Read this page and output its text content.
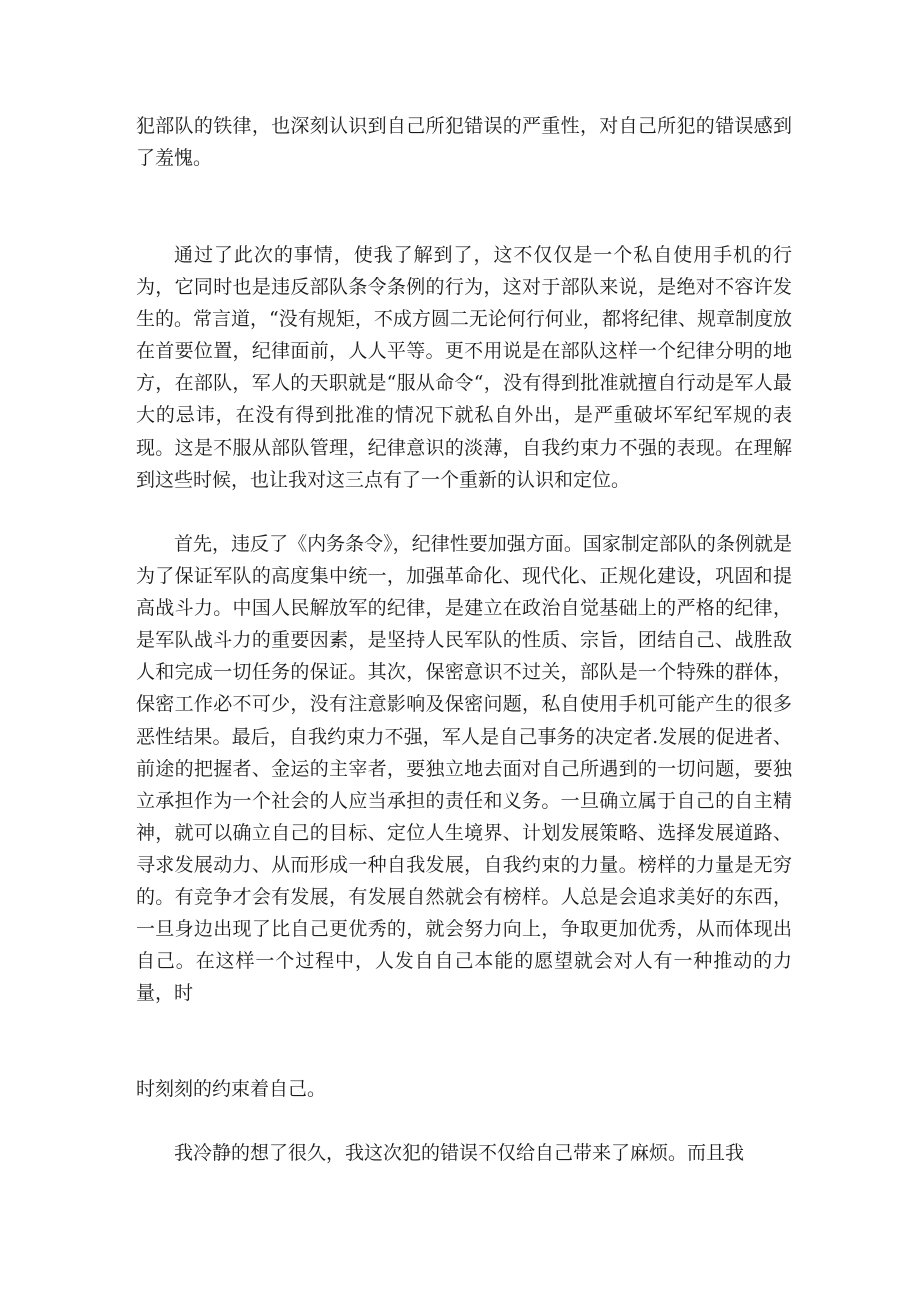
犯部队的铁律，也深刻认识到自己所犯错误的严重性，对自己所犯的错误感到了羞愧。

通过了此次的事情，使我了解到了，这不仅仅是一个私自使用手机的行为，它同时也是违反部队条令条例的行为，这对于部队来说，是绝对不容许发生的。常言道，“没有规矩，不成方圆二无论何行何业，都将纪律、规章制度放在首要位置，纪律面前，人人平等。更不用说是在部队这样一个纪律分明的地方，在部队，军人的天职就是“服从命令“，没有得到批准就擅自行动是军人最大的忌讳，在没有得到批准的情况下就私自外出，是严重破坏军纪军规的表现。这是不服从部队管理，纪律意识的淡薄，自我约束力不强的表现。在理解到这些时候，也让我对这三点有了一个重新的认识和定位。

首先，违反了《内务条令》，纪律性要加强方面。国家制定部队的条例就是为了保证军队的高度集中统一，加强革命化、现代化、正规化建设，巩固和提高战斗力。中国人民解放军的纪律，是建立在政治自觉基础上的严格的纪律，是军队战斗力的重要因素，是坚持人民军队的性质、宗旨，团结自己、战胜敌人和完成一切任务的保证。其次，保密意识不过关，部队是一个特殊的群体，保密工作必不可少，没有注意影响及保密问题，私自使用手机可能产生的很多恶性结果。最后，自我约束力不强，军人是自己事务的决定者.发展的促进者、前途的把握者、金运的主宰者，要独立地去面对自己所遇到的一切问题，要独立承担作为一个社会的人应当承担的责任和义务。一旦确立属于自己的自主精神，就可以确立自己的目标、定位人生境界、计划发展策略、选择发展道路、寻求发展动力、从而形成一种自我发展，自我约束的力量。榜样的力量是无穷的。有竞争才会有发展，有发展自然就会有榜样。人总是会追求美好的东西，一旦身边出现了比自己更优秀的，就会努力向上，争取更加优秀，从而体现出自己。在这样一个过程中，人发自自己本能的愿望就会对人有一种推动的力量，时

时刻刻的约束着自己。

我冷静的想了很久，我这次犯的错误不仅给自己带来了麻烦。而且我
